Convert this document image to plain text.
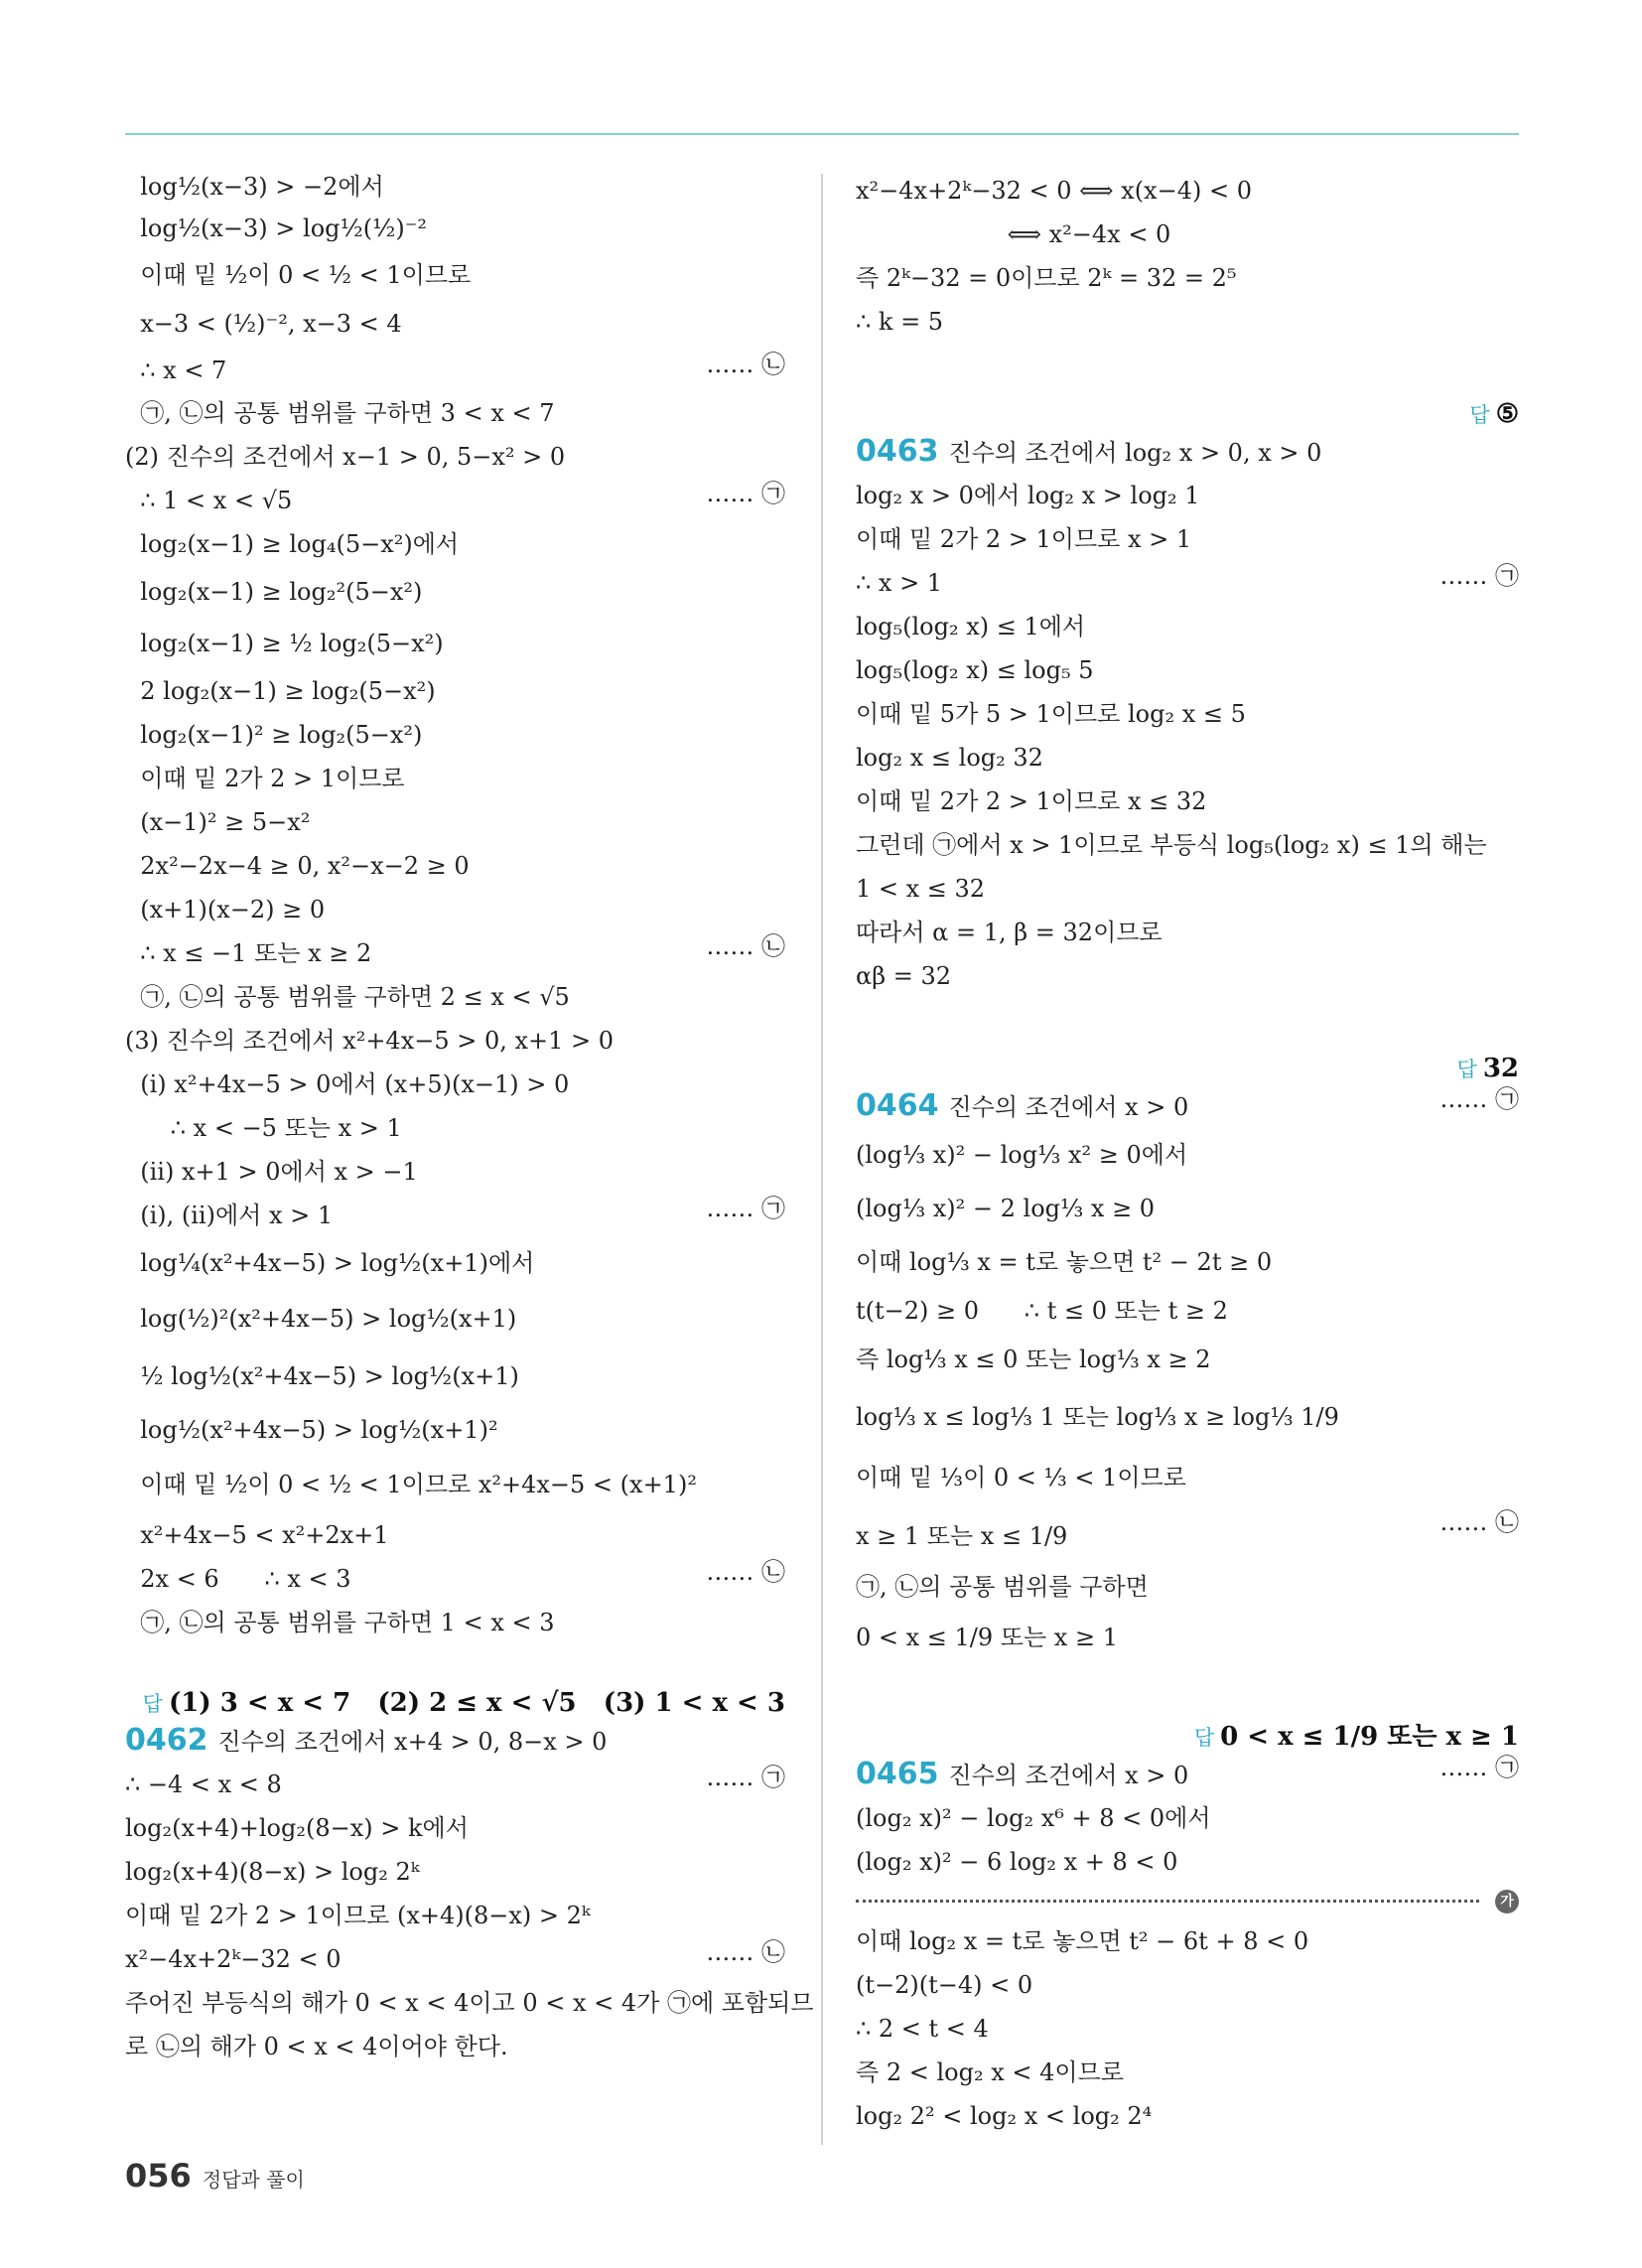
log½(x−3) > −2에서
log½(x−3) > log½(½)⁻²
이때 밑 ½이 0 < ½ < 1이므로
x−3 < (½)⁻², x−3 < 4
∴ x < 7	…… ㉡
㉠, ㉡의 공통 범위를 구하면 3 < x < 7
(2) 진수의 조건에서 x−1 > 0, 5−x² > 0
∴ 1 < x < √5	…… ㉠
log₂(x−1) ≥ log₄(5−x²)에서
log₂(x−1) ≥ log₂²(5−x²)
log₂(x−1) ≥ ½ log₂(5−x²)
2 log₂(x−1) ≥ log₂(5−x²)
log₂(x−1)² ≥ log₂(5−x²)
이때 밑 2가 2 > 1이므로
(x−1)² ≥ 5−x²
2x²−2x−4 ≥ 0, x²−x−2 ≥ 0
(x+1)(x−2) ≥ 0
∴ x ≤ −1 또는 x ≥ 2	…… ㉡
㉠, ㉡의 공통 범위를 구하면 2 ≤ x < √5
(3) 진수의 조건에서 x²+4x−5 > 0, x+1 > 0
(ⅰ) x²+4x−5 > 0에서 (x+5)(x−1) > 0
∴ x < −5 또는 x > 1
(ⅱ) x+1 > 0에서 x > −1
(ⅰ), (ⅱ)에서 x > 1	…… ㉠
log¼(x²+4x−5) > log½(x+1)에서
log(½)²(x²+4x−5) > log½(x+1)
½ log½(x²+4x−5) > log½(x+1)
log½(x²+4x−5) > log½(x+1)²
이때 밑 ½이 0 < ½ < 1이므로 x²+4x−5 < (x+1)²
x²+4x−5 < x²+2x+1
2x < 6      ∴ x < 3	…… ㉡
㉠, ㉡의 공통 범위를 구하면 1 < x < 3
답 (1) 3 < x < 7   (2) 2 ≤ x < √5   (3) 1 < x < 3
0462 진수의 조건에서 x+4 > 0, 8−x > 0
∴ −4 < x < 8	…… ㉠
log₂(x+4)+log₂(8−x) > k에서
log₂(x+4)(8−x) > log₂ 2ᵏ
이때 밑 2가 2 > 1이므로 (x+4)(8−x) > 2ᵏ
x²−4x+2ᵏ−32 < 0	…… ㉡
주어진 부등식의 해가 0 < x < 4이고 0 < x < 4가 ㉠에 포함되므
로 ㉡의 해가 0 < x < 4이어야 한다.
x²−4x+2ᵏ−32 < 0 ⟺ x(x−4) < 0
⟺ x²−4x < 0
즉 2ᵏ−32 = 0이므로 2ᵏ = 32 = 2⁵
∴ k = 5
답 ⑤
0463 진수의 조건에서 log₂ x > 0, x > 0
log₂ x > 0에서 log₂ x > log₂ 1
이때 밑 2가 2 > 1이므로 x > 1
∴ x > 1	…… ㉠
log₅(log₂ x) ≤ 1에서
log₅(log₂ x) ≤ log₅ 5
이때 밑 5가 5 > 1이므로 log₂ x ≤ 5
log₂ x ≤ log₂ 32
이때 밑 2가 2 > 1이므로 x ≤ 32
그런데 ㉠에서 x > 1이므로 부등식 log₅(log₂ x) ≤ 1의 해는
1 < x ≤ 32
따라서 α = 1, β = 32이므로
αβ = 32
답 32
0464 진수의 조건에서 x > 0	…… ㉠
(log⅓ x)² − log⅓ x² ≥ 0에서
(log⅓ x)² − 2 log⅓ x ≥ 0
이때 log⅓ x = t로 놓으면 t² − 2t ≥ 0
t(t−2) ≥ 0      ∴ t ≤ 0 또는 t ≥ 2
즉 log⅓ x ≤ 0 또는 log⅓ x ≥ 2
log⅓ x ≤ log⅓ 1 또는 log⅓ x ≥ log⅓ 1/9
이때 밑 ⅓이 0 < ⅓ < 1이므로
x ≥ 1 또는 x ≤ 1/9	…… ㉡
㉠, ㉡의 공통 범위를 구하면
0 < x ≤ 1/9 또는 x ≥ 1
답 0 < x ≤ 1/9 또는 x ≥ 1
0465 진수의 조건에서 x > 0	…… ㉠
(log₂ x)² − log₂ x⁶ + 8 < 0에서
(log₂ x)² − 6 log₂ x + 8 < 0
가
이때 log₂ x = t로 놓으면 t² − 6t + 8 < 0
(t−2)(t−4) < 0
∴ 2 < t < 4
즉 2 < log₂ x < 4이므로
log₂ 2² < log₂ x < log₂ 2⁴
056 정답과 풀이
